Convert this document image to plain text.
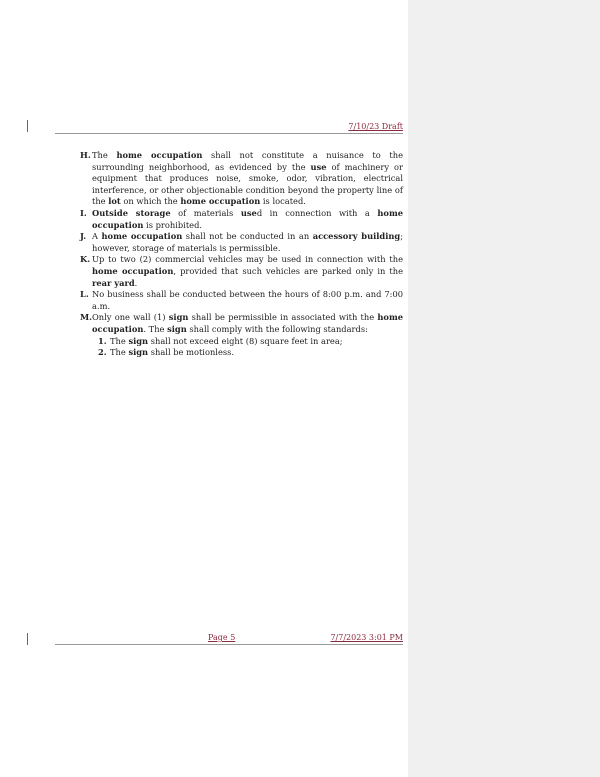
7/10/23 Draft
H. The home occupation shall not constitute a nuisance to the surrounding neighborhood, as evidenced by the use of machinery or equipment that produces noise, smoke, odor, vibration, electrical interference, or other objectionable condition beyond the property line of the lot on which the home occupation is located.
I. Outside storage of materials used in connection with a home occupation is prohibited.
J. A home occupation shall not be conducted in an accessory building; however, storage of materials is permissible.
K. Up to two (2) commercial vehicles may be used in connection with the home occupation, provided that such vehicles are parked only in the rear yard.
L. No business shall be conducted between the hours of 8:00 p.m. and 7:00 a.m.
M. Only one wall (1) sign shall be permissible in associated with the home occupation. The sign shall comply with the following standards:
1. The sign shall not exceed eight (8) square feet in area;
2. The sign shall be motionless.
Page 5	7/7/2023 3:01 PM
